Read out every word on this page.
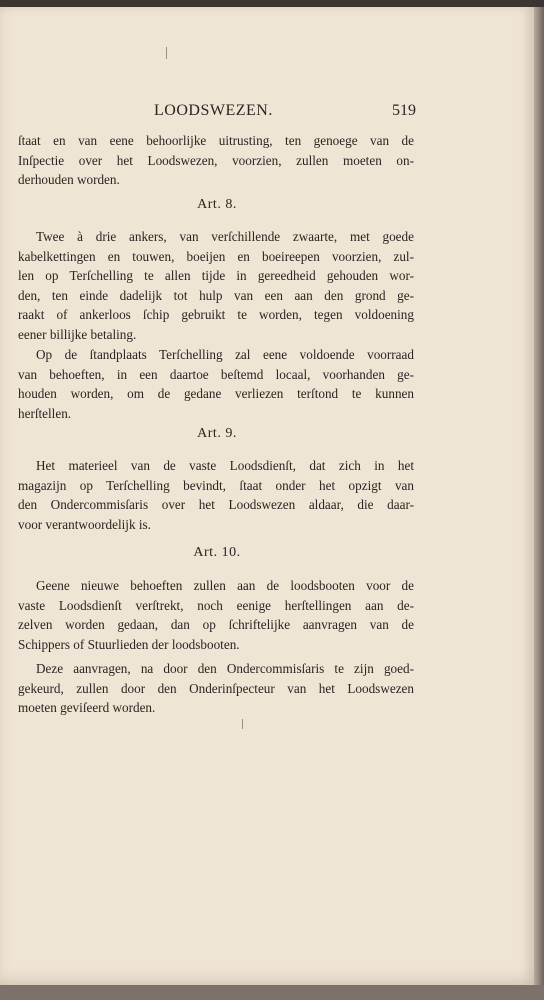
LOODSWEZEN.	519
ſtaat en van eene behoorlijke uitrusting, ten genoege van de
Inſpectie over het Loodswezen, voorzien, zullen moeten on-
derhouden worden.
Art. 8.
Twee à drie ankers, van verſchillende zwaarte, met goede
kabelkettingen en touwen, boeijen en boeireepen voorzien, zul-
len op Terſchelling te allen tijde in gereedheid gehouden wor-
den, ten einde dadelijk tot hulp van een aan den grond ge-
raakt of ankerloos ſchip gebruikt te worden, tegen voldoening
eener billijke betaling.
Op de ſtandplaats Terſchelling zal eene voldoende voorraad
van behoeften, in een daartoe beſtemd locaal, voorhanden ge-
houden worden, om de gedane verliezen terſtond te kunnen
herſtellen.
Art. 9.
Het materieel van de vaste Loodsdienſt, dat zich in het
magazijn op Terſchelling bevindt, ſtaat onder het opzigt van
den Ondercommisſaris over het Loodswezen aldaar, die daar-
voor verantwoordelijk is.
Art. 10.
Geene nieuwe behoeften zullen aan de loodsbooten voor de
vaste Loodsdienſt verſtrekt, noch eenige herſtellingen aan de-
zelven worden gedaan, dan op ſchriftelijke aanvragen van de
Schippers of Stuurlieden der loodsbooten.
Deze aanvragen, na door den Ondercommisſaris te zijn goed-
gekeurd, zullen door den Onderinſpecteur van het Loodswezen
moeten geviſeerd worden.
